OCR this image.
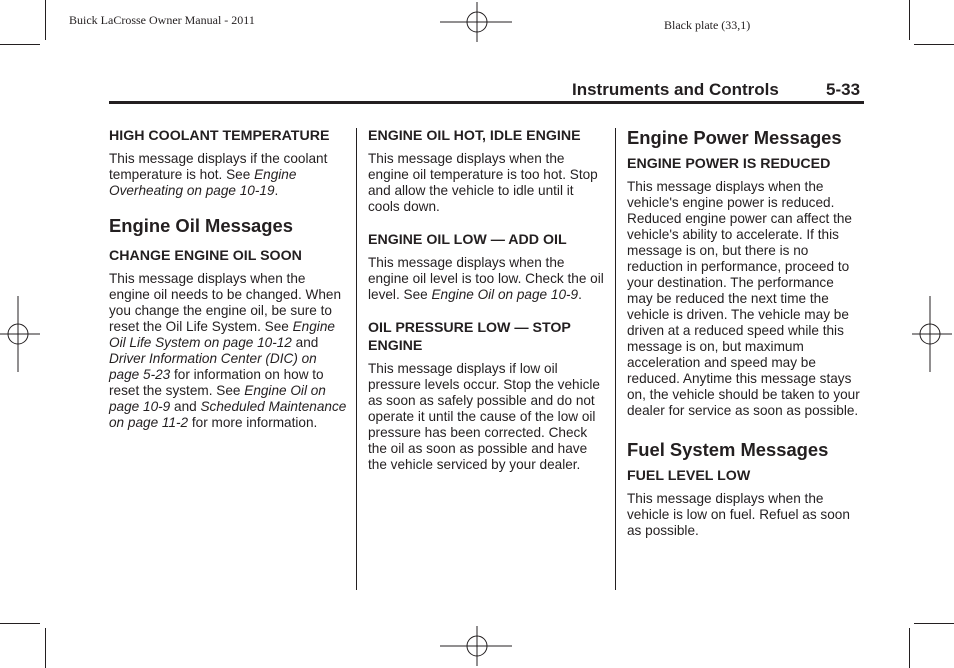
Buick LaCrosse Owner Manual - 2011	Black plate (33,1)
Instruments and Controls	5-33
HIGH COOLANT TEMPERATURE

This message displays if the coolant temperature is hot. See Engine Overheating on page 10-19.

Engine Oil Messages
CHANGE ENGINE OIL SOON

This message displays when the engine oil needs to be changed. When you change the engine oil, be sure to reset the Oil Life System. See Engine Oil Life System on page 10-12 and Driver Information Center (DIC) on page 5-23 for information on how to reset the system. See Engine Oil on page 10-9 and Scheduled Maintenance on page 11-2 for more information.

ENGINE OIL HOT, IDLE ENGINE

This message displays when the engine oil temperature is too hot. Stop and allow the vehicle to idle until it cools down.

ENGINE OIL LOW — ADD OIL

This message displays when the engine oil level is too low. Check the oil level. See Engine Oil on page 10-9.

OIL PRESSURE LOW — STOP ENGINE

This message displays if low oil pressure levels occur. Stop the vehicle as soon as safely possible and do not operate it until the cause of the low oil pressure has been corrected. Check the oil as soon as possible and have the vehicle serviced by your dealer.

Engine Power Messages
ENGINE POWER IS REDUCED

This message displays when the vehicle's engine power is reduced. Reduced engine power can affect the vehicle's ability to accelerate. If this message is on, but there is no reduction in performance, proceed to your destination. The performance may be reduced the next time the vehicle is driven. The vehicle may be driven at a reduced speed while this message is on, but maximum acceleration and speed may be reduced. Anytime this message stays on, the vehicle should be taken to your dealer for service as soon as possible.

Fuel System Messages
FUEL LEVEL LOW

This message displays when the vehicle is low on fuel. Refuel as soon as possible.
